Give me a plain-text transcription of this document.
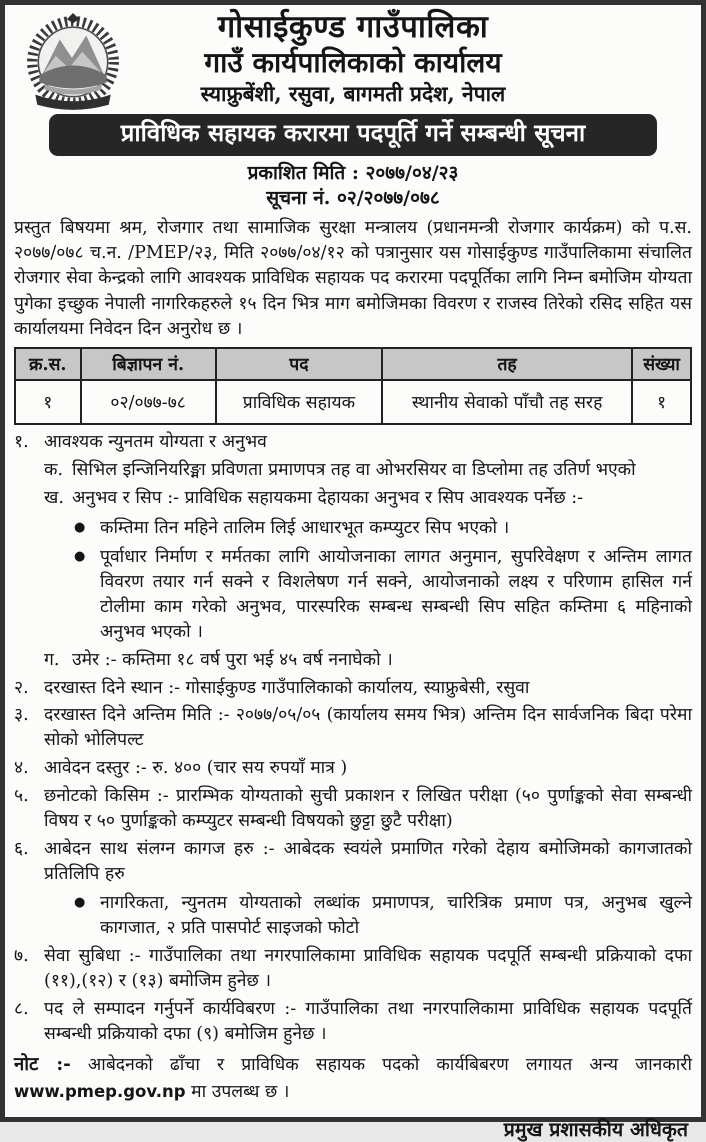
गोसाईकुण्ड गाउँपालिका
गाउँ कार्यपालिकाको कार्यालय
स्याफ्रुबेंशी, रसुवा, बागमती प्रदेश, नेपाल
प्राविधिक सहायक करारमा पदपूर्ति गर्ने सम्बन्धी सूचना
प्रकाशित मिति : २०७७/०४/२३
सूचना नं. ०२/२०७७/०७८

प्रस्तुत बिषयमा श्रम, रोजगार तथा सामाजिक सुरक्षा मन्त्रालय (प्रधानमन्त्री रोजगार कार्यक्रम) को प.स. २०७७/०७८ च.न. /PMEP/२३, मिति २०७७/०४/१२ को पत्रानुसार यस गोसाईकुण्ड गाउँपालिकामा संचालित रोजगार सेवा केन्द्रको लागि आवश्यक प्राविधिक सहायक पद करारमा पदपूर्तिका लागि निम्न बमोजिम योग्यता पुगेका इच्छुक नेपाली नागरिकहरुले १५ दिन भित्र माग बमोजिमका विवरण र राजस्व तिरेको रसिद सहित यस कार्यालयमा निवेदन दिन अनुरोध छ ।

क्र.स.	बिज्ञापन नं.	पद	तह	संख्या
१	०२/०७७-७८	प्राविधिक सहायक	स्थानीय सेवाको पाँचौ तह सरह	१
१. आवश्यक न्युनतम योग्यता र अनुभव
क. सिभिल इन्जिनियरिङ्मा प्रविणता प्रमाणपत्र तह वा ओभरसियर वा डिप्लोमा तह उतिर्ण भएको
ख. अनुभव र सिप :- प्राविधिक सहायकमा देहायका अनुभव र सिप आवश्यक पर्नेछ :-
● कम्तिमा तिन महिने तालिम लिई आधारभूत कम्प्युटर सिप भएको ।
● पूर्वाधार निर्माण र मर्मतका लागि आयोजनाका लागत अनुमान, सुपरिवेक्षण र अन्तिम लागत विवरण तयार गर्न सक्ने र विशलेषण गर्न सक्ने, आयोजनाको लक्ष्य र परिणाम हासिल गर्न टोलीमा काम गरेको अनुभव, पारस्परिक सम्बन्ध सम्बन्धी सिप सहित कम्तिमा ६ महिनाको अनुभव भएको ।
ग. उमेर :- कम्तिमा १८ वर्ष पुरा भई ४५ वर्ष ननाघेको ।
२. दरखास्त दिने स्थान :- गोसाईकुण्ड गाउँपालिकाको कार्यालय, स्याफ्रुबेसी, रसुवा
३. दरखास्त दिने अन्तिम मिति :- २०७७/०५/०५ (कार्यालय समय भित्र) अन्तिम दिन सार्वजनिक बिदा परेमा सोको भोलिपल्ट
४. आवेदन दस्तुर :- रु. ४०० (चार सय रुपयाँ मात्र )
५. छनोटको किसिम :- प्रारम्भिक योग्यताको सुची प्रकाशन र लिखित परीक्षा (५० पुर्णाङ्कको सेवा सम्बन्धी विषय र ५० पुर्णाङ्कको कम्प्युटर सम्बन्धी विषयको छुट्टा छुटै परीक्षा)
६. आबेदन साथ संलग्न कागज हरु :- आबेदक स्वयंले प्रमाणित गरेको देहाय बमोजिमको कागजातको प्रतिलिपि हरु
● नागरिकता, न्युनतम योग्यताको लब्धांक प्रमाणपत्र, चारित्रिक प्रमाण पत्र, अनुभब खुल्ने कागजात, २ प्रति पासपोर्ट साइजको फोटो
७. सेवा सुबिधा :- गाउँपालिका तथा नगरपालिकामा प्राविधिक सहायक पदपूर्ति सम्बन्धी प्रक्रियाको दफा (११),(१२) र (१३) बमोजिम हुनेछ ।
८. पद ले सम्पादन गर्नुपर्ने कार्यविबरण :- गाउँपालिका तथा नगरपालिकामा प्राविधिक सहायक पदपूर्ति सम्बन्धी प्रक्रियाको दफा (९) बमोजिम हुनेछ ।
नोट :- आबेदनको ढाँचा र प्राविधिक सहायक पदको कार्यबिबरण लगायत अन्य जानकारी www.pmep.gov.np मा उपलब्ध छ ।
प्रमुख प्रशासकीय अधिकृत
